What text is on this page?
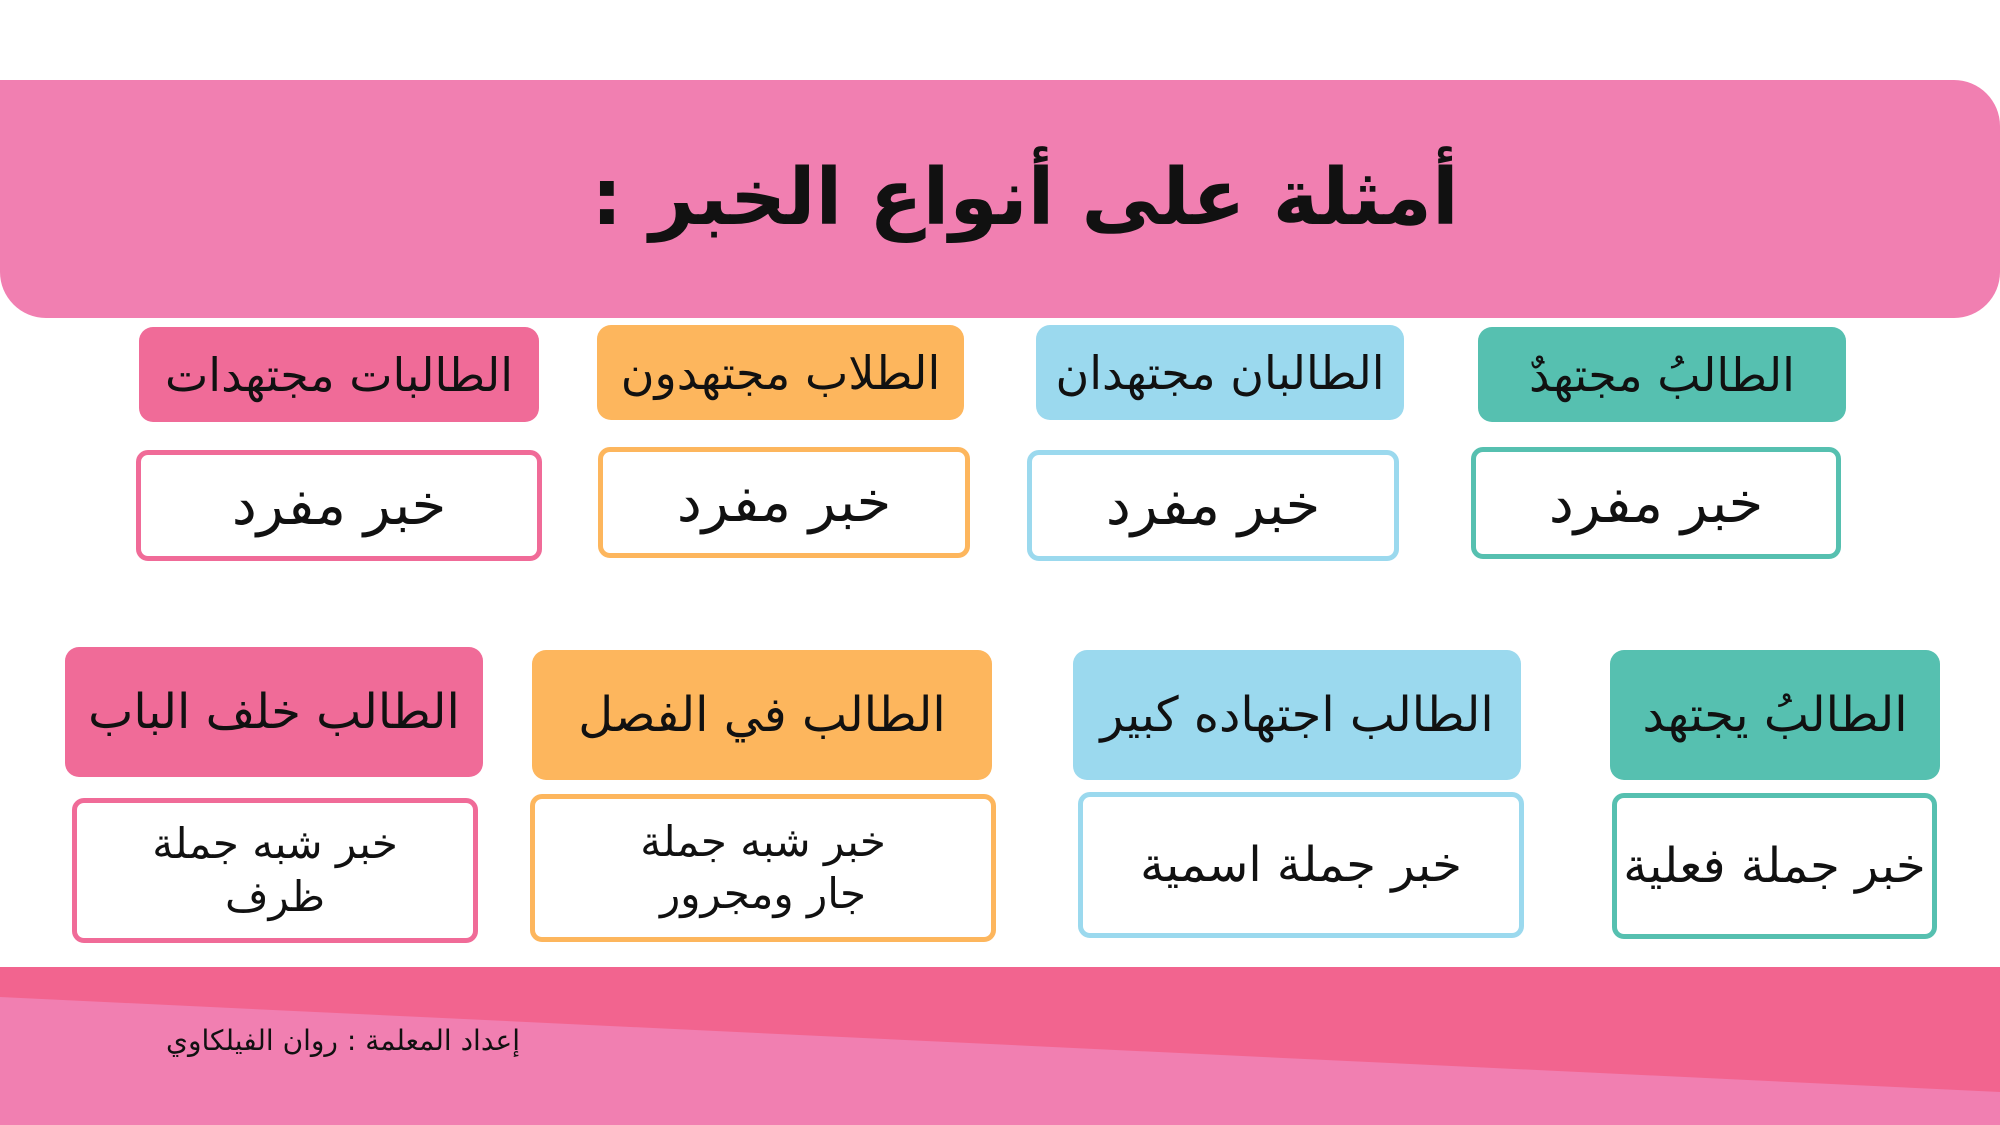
أمثلة على أنواع الخبر :
الطالبُ مجتهدٌ
الطالبان مجتهدان
الطلاب مجتهدون
الطالبات مجتهدات
خبر مفرد
خبر مفرد
خبر مفرد
خبر مفرد
الطالبُ يجتهد
الطالب اجتهاده كبير
الطالب في الفصل
الطالب خلف الباب
خبر جملة فعلية
خبر جملة اسمية
خبر شبه جملة
جار ومجرور
خبر شبه جملة
ظرف
إعداد المعلمة : روان الفيلكاوي
